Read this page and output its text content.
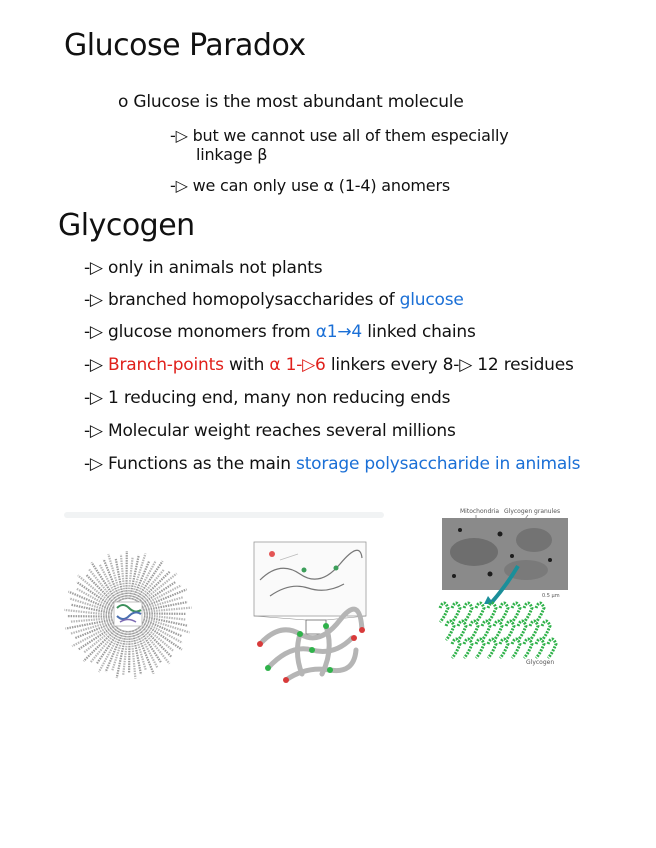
Glucose Paradox
o Glucose is the most abundant molecule
-▷ but we cannot use all of them especially
linkage β
-▷ we can only use α (1-4) anomers
Glycogen
-▷ only in animals not plants
-▷ branched homopolysaccharides of glucose
-▷ glucose monomers from α1→4 linked chains
-▷ Branch-points with α 1-▷6 linkers every 8-▷ 12 residues
-▷ 1 reducing end, many non reducing ends
-▷ Molecular weight reaches several millions
-▷ Functions as the main storage polysaccharide in animals
Mitochondria Glycogen granules
0.5 µm
Glycogen
